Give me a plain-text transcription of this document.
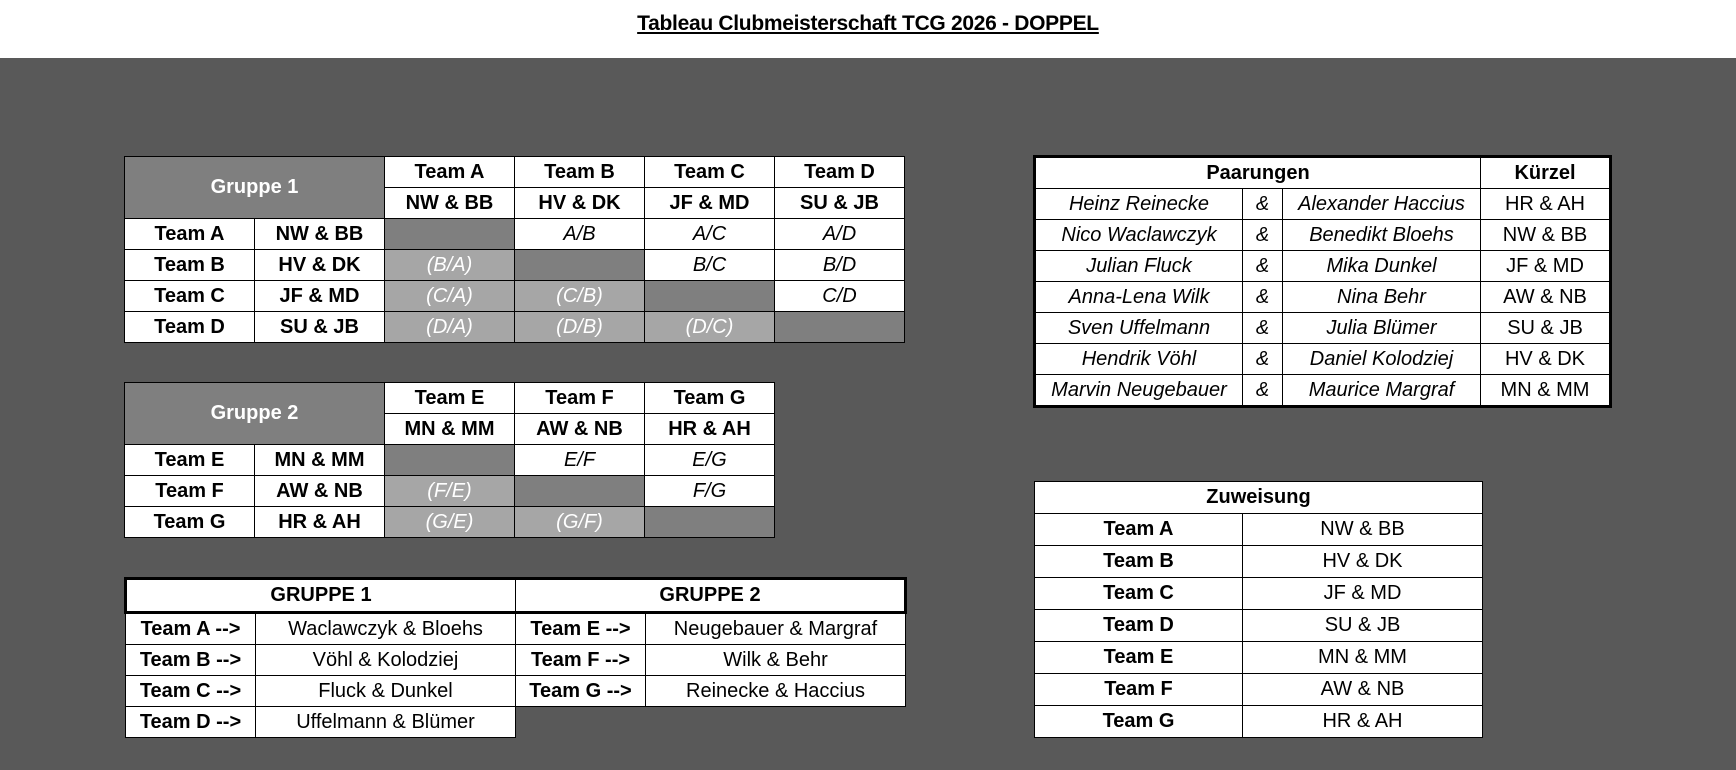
Tableau Clubmeisterschaft TCG 2026 - DOPPEL
Gruppe 1		Team A	Team B	Team C	Team D
		NW & BB	HV & DK	JF & MD	SU & JB
Team A	NW & BB		A/B	A/C	A/D
Team B	HV & DK	(B/A)		B/C	B/D
Team C	JF & MD	(C/A)	(C/B)		C/D
Team D	SU & JB	(D/A)	(D/B)	(D/C)	
Gruppe 2		Team E	Team F	Team G
		MN & MM	AW & NB	HR & AH
Team E	MN & MM		E/F	E/G
Team F	AW & NB	(F/E)		F/G
Team G	HR & AH	(G/E)	(G/F)	
GRUPPE 1		GRUPPE 2	
Team A -->	Waclawczyk & Bloehs	Team E -->	Neugebauer & Margraf
Team B -->	Vöhl & Kolodziej	Team F -->	Wilk & Behr
Team C -->	Fluck & Dunkel	Team G -->	Reinecke & Haccius
Team D -->	Uffelmann & Blümer		
Paarungen			Kürzel
Heinz Reinecke	&	Alexander Haccius	HR & AH
Nico Waclawczyk	&	Benedikt Bloehs	NW & BB
Julian Fluck	&	Mika Dunkel	JF & MD
Anna-Lena Wilk	&	Nina Behr	AW & NB
Sven Uffelmann	&	Julia Blümer	SU & JB
Hendrik Vöhl	&	Daniel Kolodziej	HV & DK
Marvin Neugebauer	&	Maurice Margraf	MN & MM
Zuweisung	
Team A	NW & BB
Team B	HV & DK
Team C	JF & MD
Team D	SU & JB
Team E	MN & MM
Team F	AW & NB
Team G	HR & AH
